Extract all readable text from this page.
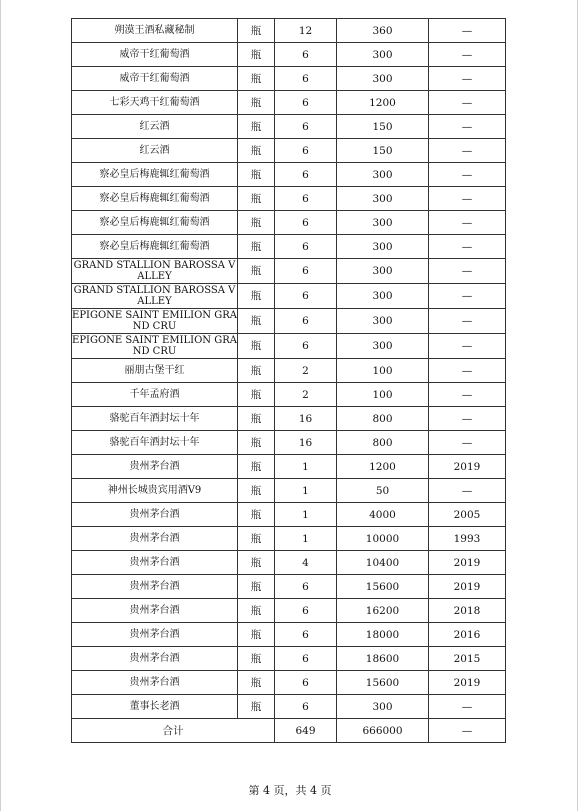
朔漠王酒私藏秘制	瓶	12	360	—
威帝干红葡萄酒	瓶	6	300	—
威帝干红葡萄酒	瓶	6	300	—
七彩天鸡干红葡萄酒	瓶	6	1200	—
红云酒	瓶	6	150	—
红云酒	瓶	6	150	—
察必皇后梅鹿辄红葡萄酒	瓶	6	300	—
察必皇后梅鹿辄红葡萄酒	瓶	6	300	—
察必皇后梅鹿辄红葡萄酒	瓶	6	300	—
察必皇后梅鹿辄红葡萄酒	瓶	6	300	—
GRAND STALLION BAROSSA VALLEY	瓶	6	300	—
GRAND STALLION BAROSSA VALLEY	瓶	6	300	—
EPIGONE SAINT EMILION GRAND CRU	瓶	6	300	—
EPIGONE SAINT EMILION GRAND CRU	瓶	6	300	—
丽朋古堡干红	瓶	2	100	—
千年孟府酒	瓶	2	100	—
骆驼百年酒封坛十年	瓶	16	800	—
骆驼百年酒封坛十年	瓶	16	800	—
贵州茅台酒	瓶	1	1200	2019
神州长城贵宾用酒V9	瓶	1	50	—
贵州茅台酒	瓶	1	4000	2005
贵州茅台酒	瓶	1	10000	1993
贵州茅台酒	瓶	4	10400	2019
贵州茅台酒	瓶	6	15600	2019
贵州茅台酒	瓶	6	16200	2018
贵州茅台酒	瓶	6	18000	2016
贵州茅台酒	瓶	6	18600	2015
贵州茅台酒	瓶	6	15600	2019
董事长老酒	瓶	6	300	—
合计		649	666000	—
第 4 页，共 4 页
